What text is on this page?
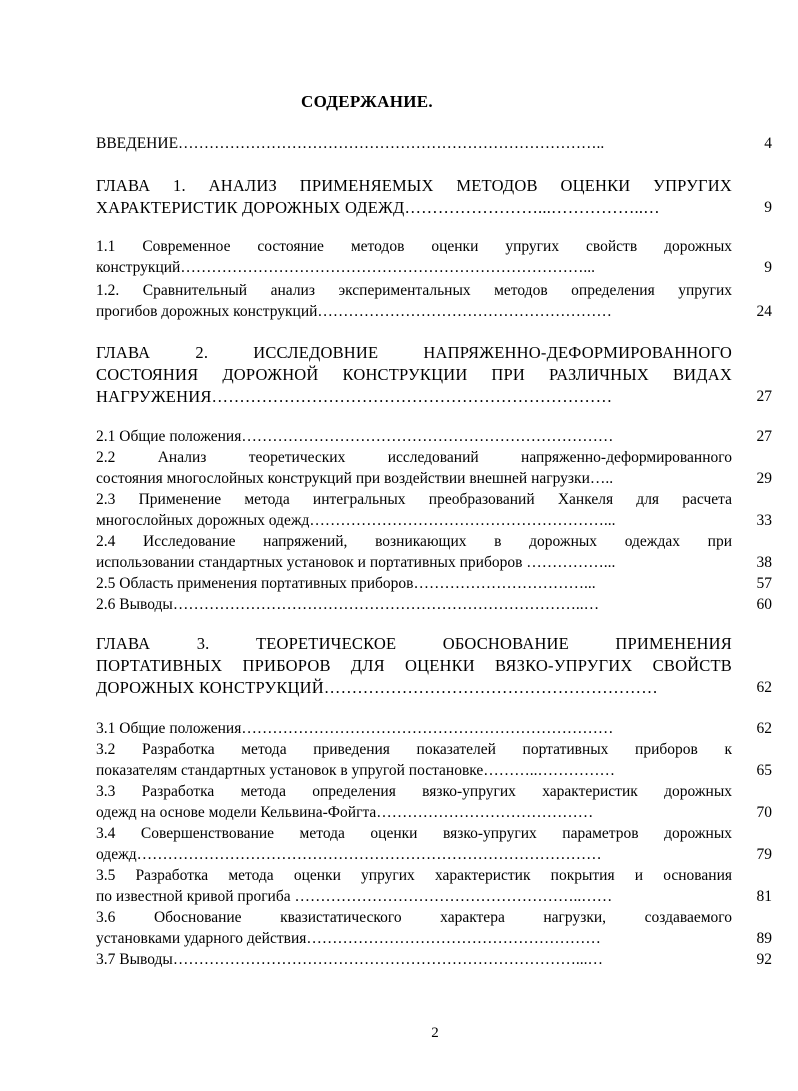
СОДЕРЖАНИЕ.
ВВЕДЕНИЕ………………………………………………………………………..	4
ГЛАВА 1. АНАЛИЗ ПРИМЕНЯЕМЫХ МЕТОДОВ ОЦЕНКИ УПРУГИХ
ХАРАКТЕРИСТИК ДОРОЖНЫХ ОДЕЖД……………………...……………..…	9
1.1 Современное состояние методов оценки упругих свойств дорожных
конструкций……………………………………………………………………...	9
1.2. Сравнительный анализ экспериментальных методов определения упругих
прогибов дорожных конструкций…………………………………………………	24
ГЛАВА 2. ИССЛЕДОВНИЕ НАПРЯЖЕННО-ДЕФОРМИРОВАННОГО
СОСТОЯНИЯ ДОРОЖНОЙ КОНСТРУКЦИИ ПРИ РАЗЛИЧНЫХ ВИДАХ
НАГРУЖЕНИЯ………………………………………………………………	27
2.1 Общие положения………………………………………………………………	27
2.2 Анализ теоретических исследований напряженно-деформированного
состояния многослойных конструкций при воздействии внешней нагрузки…..	29
2.3 Применение метода интегральных преобразований Ханкеля для расчета
многослойных дорожных одежд…………………………………………………...	33
2.4 Исследование напряжений, возникающих в дорожных одеждах при
использовании стандартных установок и портативных приборов ……………...	38
2.5 Область применения портативных приборов……………………………...	57
2.6 Выводы……………………………………………………………………..…	60
ГЛАВА 3. ТЕОРЕТИЧЕСКОЕ ОБОСНОВАНИЕ ПРИМЕНЕНИЯ
ПОРТАТИВНЫХ ПРИБОРОВ ДЛЯ ОЦЕНКИ ВЯЗКО-УПРУГИХ СВОЙСТВ
ДОРОЖНЫХ КОНСТРУКЦИЙ……………………………………………………	62
3.1 Общие положения………………………………………………………………	62
3.2 Разработка метода приведения показателей портативных приборов к
показателям стандартных установок в упругой постановке………..……………	65
3.3 Разработка метода определения вязко-упругих характеристик дорожных
одежд на основе модели Кельвина-Фойгта……………………………………	70
3.4 Совершенствование метода оценки вязко-упругих параметров дорожных
одежд………………………………………………………………………………	79
3.5 Разработка метода оценки упругих характеристик покрытия и основания
по известной кривой прогиба ………………………………………………..……	81
3.6 Обоснование квазистатического характера нагрузки, создаваемого
установками ударного действия…………………………………………………	89
3.7 Выводы……………………………………………………………………...…	92
2
